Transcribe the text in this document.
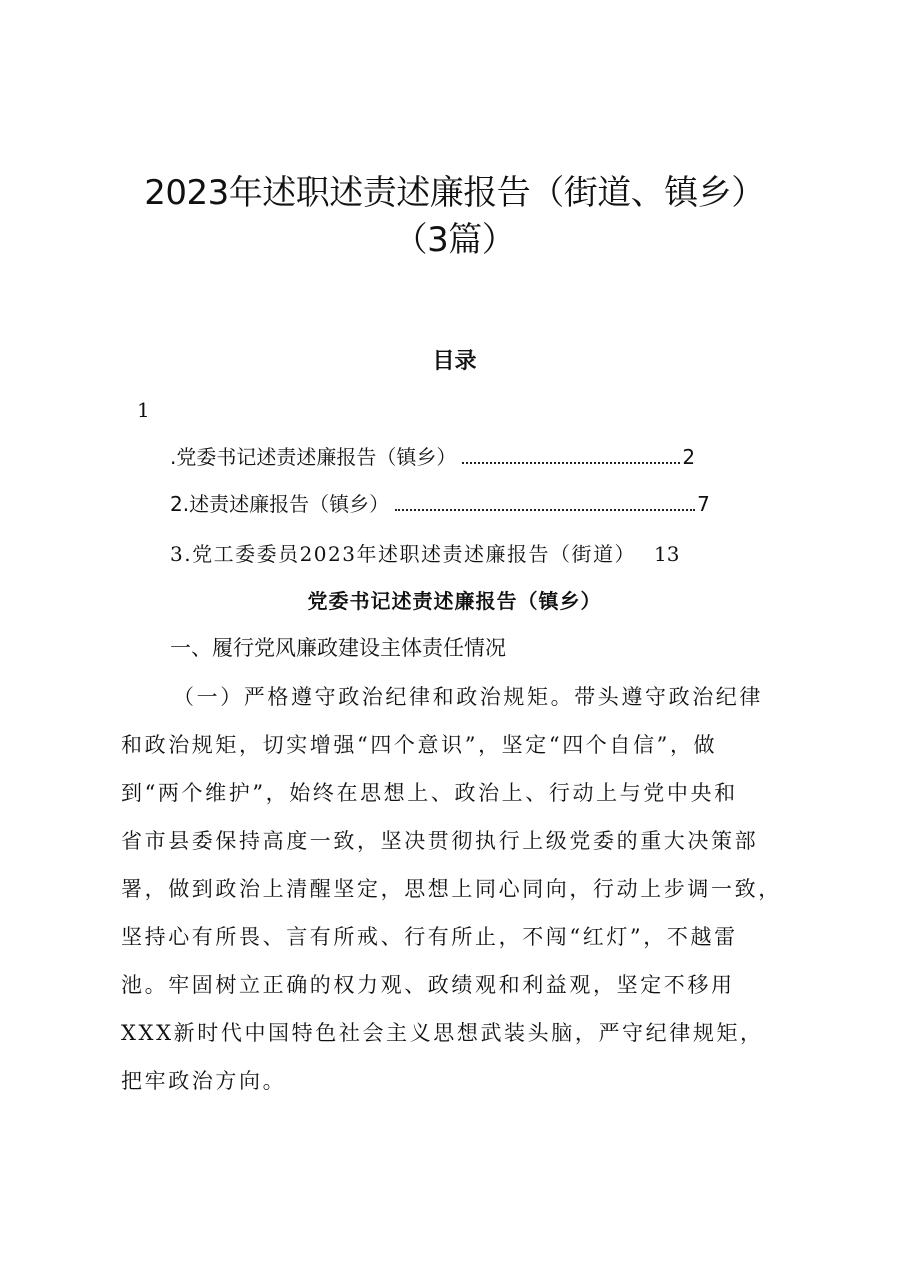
2023年述职述责述廉报告（街道、镇乡）
（3篇）
目录
1
.党委书记述责述廉报告（镇乡）	2
2.述责述廉报告（镇乡）	7
3.党工委委员2023年述职述责述廉报告（街道） 13
党委书记述责述廉报告（镇乡）
一、履行党风廉政建设主体责任情况
（一）严格遵守政治纪律和政治规矩。带头遵守政治纪律
和政治规矩，切实增强“四个意识”，坚定“四个自信”，做
到“两个维护”，始终在思想上、政治上、行动上与党中央和
省市县委保持高度一致，坚决贯彻执行上级党委的重大决策部
署，做到政治上清醒坚定，思想上同心同向，行动上步调一致，
坚持心有所畏、言有所戒、行有所止，不闯“红灯”，不越雷
池。牢固树立正确的权力观、政绩观和利益观，坚定不移用
XXX新时代中国特色社会主义思想武装头脑，严守纪律规矩，
把牢政治方向。
